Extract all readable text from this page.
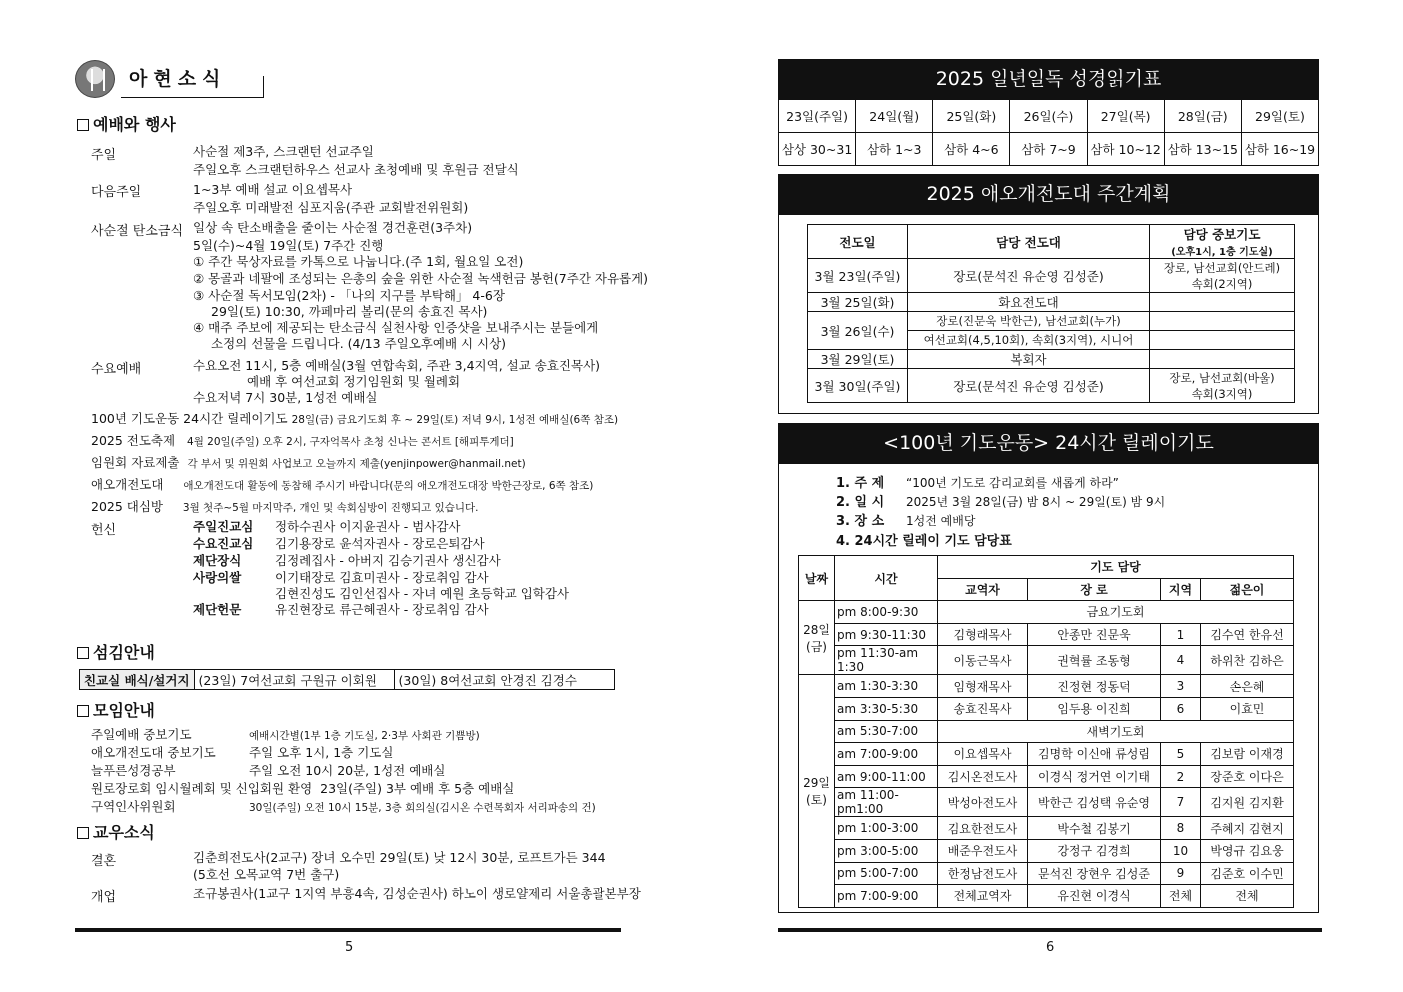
아현소식
예배와 행사
주일	사순절 제3주, 스크랜턴 선교주일
주일오후 스크랜턴하우스 선교사 초청예배 및 후원금 전달식
다음주일	1~3부 예배 설교 이요셉목사
주일오후 미래발전 심포지움(주관 교회발전위원회)
사순절 탄소금식 일상 속 탄소배출을 줄이는 사순절 경건훈련(3주차)
5일(수)~4월 19일(토) 7주간 진행
① 주간 묵상자료를 카톡으로 나눕니다.(주 1회, 월요일 오전)
② 몽골과 네팔에 조성되는 은총의 숲을 위한 사순절 녹색헌금 봉헌(7주간 자유롭게)
③ 사순절 독서모임(2차) - 「나의 지구를 부탁해」 4-6장
29일(토) 10:30, 까페마리 볼리(문의 송효진 목사)
④ 매주 주보에 제공되는 탄소금식 실천사항 인증샷을 보내주시는 분들에게
소정의 선물을 드립니다. (4/13 주일오후예배 시 시상)
수요예배	수요오전 11시, 5층 예배실(3월 연합속회, 주관 3,4지역, 설교 송효진목사)
예배 후 여선교회 정기임원회 및 월례회
수요저녁 7시 30분, 1성전 예배실
100년 기도운동 24시간 릴레이기도 28일(금) 금요기도회 후 ~ 29일(토) 저녁 9시, 1성전 예배실(6쪽 참조)
2025 전도축제 4월 20일(주일) 오후 2시, 구자억목사 초청 신나는 콘서트 [해피투게더]
임원회 자료제출 각 부서 및 위원회 사업보고 오늘까지 제출(yenjinpower@hanmail.net)
애오개전도대 애오개전도대 활동에 동참해 주시기 바랍니다(문의 애오개전도대장 박한근장로, 6쪽 참조)
2025 대심방 3월 첫주~5월 마지막주, 개인 및 속회심방이 진행되고 있습니다.
헌신	주일진교심 정하수권사 이지윤권사 - 범사감사
수요진교심 김기용장로 윤석자권사 - 장로은퇴감사
제단장식	김정례집사 - 아버지 김승기권사 생신감사
사랑의쌀	이기태장로 김효미권사 - 장로취임 감사
김현진성도 김인선집사 - 자녀 예원 초등학교 입학감사
제단헌문	유진현장로 류근혜권사 - 장로취임 감사
섬김안내
친교실 배식/설거지 (23일) 7여선교회 구원규 이회원	(30일) 8여선교회 안경진 김경수
모임안내
주일예배 중보기도	예배시간별(1부 1층 기도실, 2·3부 사회관 기쁨방)
애오개전도대 중보기도	주일 오후 1시, 1층 기도실
늘푸른성경공부	주일 오전 10시 20분, 1성전 예배실
원로장로회 임시월례회 및 신입회원 환영 23일(주일) 3부 예배 후 5층 예배실
구역인사위원회	30일(주일) 오전 10시 15분, 3층 회의실(김시온 수련목회자 서리파송의 건)
교우소식
결혼	김춘희전도사(2교구) 장녀 오수민 29일(토) 낮 12시 30분, 로프트가든 344
(5호선 오목교역 7번 출구)
개업	조규봉권사(1교구 1지역 부흥4속, 김성순권사) 하노이 생로얄제리 서울총괄본부장
5
2025 일년일독 성경읽기표
23일(주일)	24일(월)	25일(화)	26일(수)	27일(목)	28일(금)	29일(토)
삼상 30~31	삼하 1~3	삼하 4~6	삼하 7~9	삼하 10~12	삼하 13~15	삼하 16~19
2025 애오개전도대 주간계획
전도일	담당 전도대	담당 중보기도
(오후1시, 1층 기도실)

3월 23일(주일)	장로(문석진 유순영 김성준)	장로, 남선교회(안드레)
속회(2지역)

3월 25일(화)	화요전도대	
3월 26일(수)	장로(진문욱 박한근), 남선교회(누가)	
	여선교회(4,5,10회), 속회(3지역), 시니어	
3월 29일(토)	복회자	
3월 30일(주일)	장로(문석진 유순영 김성준)	장로, 남선교회(바울)
속회(3지역)
<100년 기도운동> 24시간 릴레이기도
1. 주 제 “100년 기도로 감리교회를 새롭게 하라”
2. 일 시 2025년 3월 28일(금) 밤 8시 ~ 29일(토) 밤 9시
3. 장 소 1성전 예배당
4. 24시간 릴레이 기도 담당표
날짜	시간	기도 담당			
		교역자	장 로	지역	젊은이

28일
(금)	pm 8:00-9:30	금요기도회			
	pm 9:30-11:30	김형래목사	안종만 진문욱	1	김수연 한유선
	pm 11:30-am 1:30	이동근목사	권혁률 조동형	4	하위찬 김하은

29일
(토)	am 1:30-3:30	임형재목사	진정현 정동덕	3	손은혜
	am 3:30-5:30	송효진목사	임두용 이진희	6	이효민
	am 5:30-7:00	새벽기도회			
	am 7:00-9:00	이요셉목사	김명학 이신애 류성림	5	김보람 이재경
	am 9:00-11:00	김시온전도사	이경식 정거연 이기태	2	장준호 이다은
	am 11:00-pm1:00	박성아전도사	박한근 김성택 유순영	7	김지원 김지환
	pm 1:00-3:00	김요한전도사	박수철 김봉기	8	주혜지 김현지
	pm 3:00-5:00	배준우전도사	강정구 김경희	10	박영규 김요웅
	pm 5:00-7:00	한정남전도사	문석진 장현우 김성준	9	김준호 이수민
	pm 7:00-9:00	전체교역자	유진현 이경식	전체	전체
6
